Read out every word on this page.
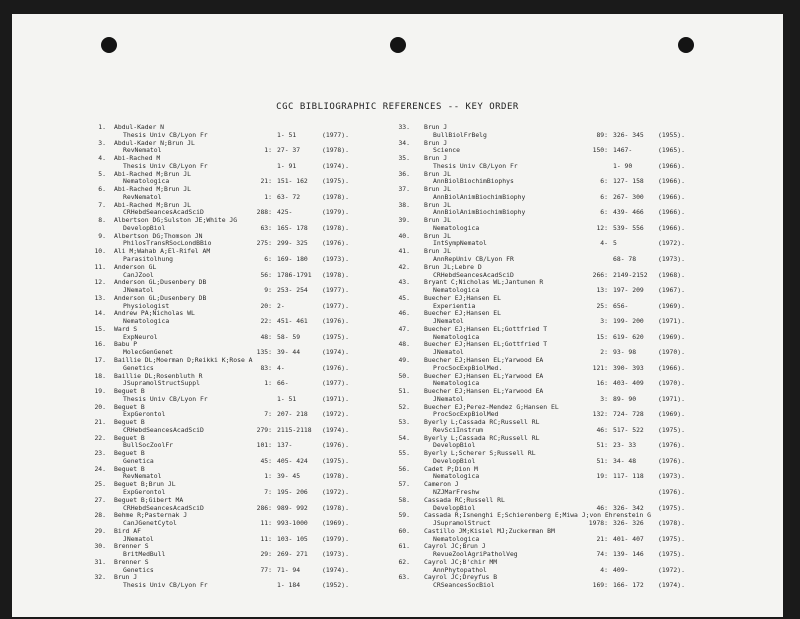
CGC BIBLIOGRAPHIC REFERENCES -- KEY ORDER
1. Abdul-Kader N
Thesis Univ CB/Lyon Fr	1- 51	(1977).
3. Abdul-Kader N;Brun JL
RevNematol	1: 27- 37	(1978).
4. Abi-Rached M
Thesis Univ CB/Lyon Fr	1- 91	(1974).
5. Abi-Rached M;Brun JL
Nematologica	21: 151- 162 (1975).
6. Abi-Rached M;Brun JL
RevNematol	1: 63- 72	(1978).
7. Abi-Rached M;Brun JL
CRHebdSeancesAcadSciD	288: 425-	(1979).
8. Albertson DG;Sulston JE;White JG
DevelopBiol	63: 165- 178 (1978).
9. Albertson DG;Thomson JN
PhilosTransRSocLondBBio	275: 299- 325 (1976).
10. Ali M;Wahab A;El-Rifel AM
Parasitolhung	6: 169- 180 (1973).
11. Anderson GL
CanJZool	56: 1786-1791 (1978).
12. Anderson GL;Dusenbery DB
JNematol	9: 253- 254 (1977).
13. Anderson GL;Dusenbery DB
Physiologist	20: 2-	(1977).
14. Andrew PA;Nicholas WL
Nematologica	22: 451- 461 (1976).
15. Ward S
ExpNeurol	48: 58- 59	(1975).
16. Babu P
MolecGenGenet	135: 39- 44	(1974).
17. Baillie DL;Moerman D;Reikki K;Rose A
Genetics	83: 4-	(1976).
18. Baillie DL;Rosenbluth R
JSupramolStructSuppl	1: 66-	(1977).
19. Beguet B
Thesis Univ CB/Lyon Fr	1- 51	(1971).
20. Beguet B
ExpGerontol	7: 207- 218 (1972).
21. Beguet B
CRHebdSeancesAcadSciD	279: 2115-2118 (1974).
22. Beguet B
BullSocZoolFr	101: 137-	(1976).
23. Beguet B
Genetica	45: 405- 424 (1975).
24. Beguet B
RevNematol	1: 39- 45	(1978).
25. Beguet B;Brun JL
ExpGerontol	7: 195- 206 (1972).
27. Beguet B;Gibert MA
CRHebdSeancesAcadSciD	286: 989- 992 (1978).
28. Behme R;Pasternak J
CanJGenetCytol	11: 993-1000 (1969).
29. Bird AF
JNematol	11: 103- 105 (1979).
30. Brenner S
BritMedBull	29: 269- 271 (1973).
31. Brenner S
Genetics	77: 71- 94	(1974).
32. Brun J
Thesis Univ CB/Lyon Fr	1- 184	(1952).
33. Brun J
BullBiolFrBelg	89: 326- 345 (1955).
34. Brun J
Science	150: 1467-	(1965).
35. Brun J
Thesis Univ CB/Lyon Fr	1- 90	(1966).
36. Brun JL
AnnBiolBiochimBiophys	6: 127- 158 (1966).
37. Brun JL
AnnBiolAnimBiochimBiophy	6: 267- 300 (1966).
38. Brun JL
AnnBiolAnimBiochimBiophy	6: 439- 466 (1966).
39. Brun JL
Nematologica	12: 539- 556 (1966).
40. Brun JL
IntSympNematol	4- 5	(1972).
41. Brun JL
AnnRepUniv CB/Lyon FR	68- 78	(1973).
42. Brun JL;Lebre D
CRHebdSeancesAcadSciD	266: 2149-2152 (1968).
43. Bryant C;Nicholas WL;Jantunen R
Nematologica	13: 197- 209 (1967).
45. Buecher EJ;Hansen EL
Experientia	25: 656-	(1969).
46. Buecher EJ;Hansen EL
JNematol	3: 199- 200 (1971).
47. Buecher EJ;Hansen EL;Gottfried T
Nematologica	15: 619- 620 (1969).
48. Buecher EJ;Hansen EL;Gottfried T
JNematol	2: 93- 98	(1970).
49. Buecher EJ;Hansen EL;Yarwood EA
ProcSocExpBiolMed.	121: 390- 393 (1966).
50. Buecher EJ;Hansen EL;Yarwood EA
Nematologica	16: 403- 409 (1970).
51. Buecher EJ;Hansen EL;Yarwood EA
JNematol	3: 89- 90	(1971).
52. Buecher EJ;Perez-Mendez G;Hansen EL
ProcSocExpBiolMed	132: 724- 728 (1969).
53. Byerly L;Cassada RC;Russell RL
RevSciInstrum	46: 517- 522 (1975).
54. Byerly L;Cassada RC;Russell RL
DevelopBiol	51: 23- 33	(1976).
55. Byerly L;Scherer S;Russell RL
DevelopBiol	51: 34- 48	(1976).
56. Cadet P;Dion M
Nematologica	19: 117- 118 (1973).
57. Cameron J
NZJMarFreshw	(1976).
58. Cassada RC;Russell RL
DevelopBiol	46: 326- 342 (1975).
59. Cassada R;Isnenghi E;Schierenberg E;Miwa J;von Ehrenstein G
JSupramolStruct	1978: 326- 326 (1978).
60. Castillo JM;Kisiel MJ;Zuckerman BM
Nematologica	21: 401- 407 (1975).
61. Cayrol JC;Brun J
RevueZoolAgriPatholVeg	74: 139- 146 (1975).
62. Cayrol JC;B'chir MM
AnnPhytopathol	4: 409-	(1972).
63. Cayrol JC;Dreyfus B
CRSeancesSocBiol	169: 166- 172 (1974).
